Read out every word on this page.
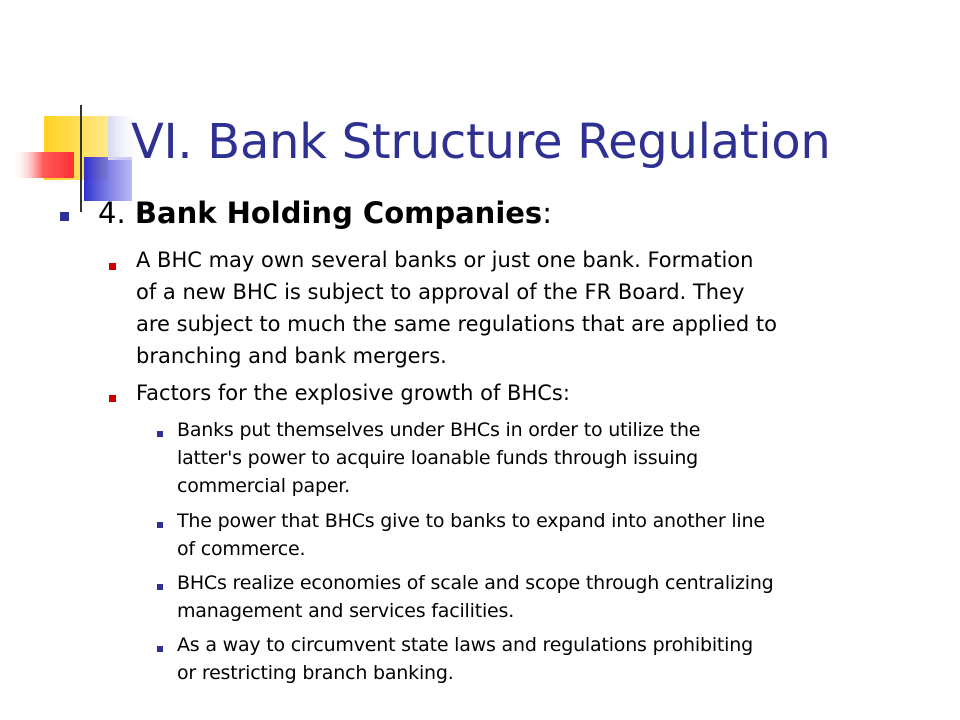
VI. Bank Structure Regulation
4. Bank Holding Companies:
A BHC may own several banks or just one bank. Formation
of a new BHC is subject to approval of the FR Board. They
are subject to much the same regulations that are applied to
branching and bank mergers.
Factors for the explosive growth of BHCs:
Banks put themselves under BHCs in order to utilize the
latter's power to acquire loanable funds through issuing
commercial paper.
The power that BHCs give to banks to expand into another line
of commerce.
BHCs realize economies of scale and scope through centralizing
management and services facilities.
As a way to circumvent state laws and regulations prohibiting
or restricting branch banking.
